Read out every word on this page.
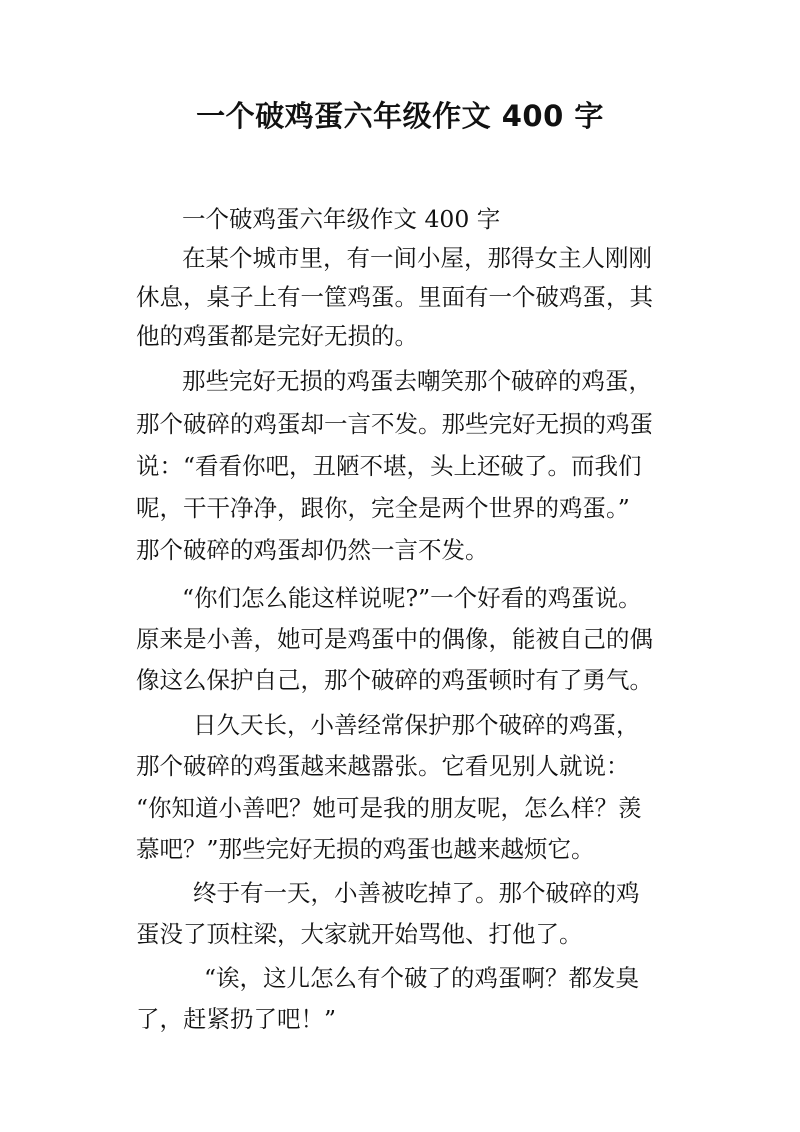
一个破鸡蛋六年级作文 400 字
一个破鸡蛋六年级作文 400 字
在某个城市里，有一间小屋，那得女主人刚刚
休息，桌子上有一筐鸡蛋。里面有一个破鸡蛋，其
他的鸡蛋都是完好无损的。
那些完好无损的鸡蛋去嘲笑那个破碎的鸡蛋，
那个破碎的鸡蛋却一言不发。那些完好无损的鸡蛋
说：“看看你吧，丑陋不堪，头上还破了。而我们
呢，干干净净，跟你，完全是两个世界的鸡蛋。”
那个破碎的鸡蛋却仍然一言不发。
“你们怎么能这样说呢?”一个好看的鸡蛋说。
原来是小善，她可是鸡蛋中的偶像，能被自己的偶
像这么保护自己，那个破碎的鸡蛋顿时有了勇气。
日久天长，小善经常保护那个破碎的鸡蛋，
那个破碎的鸡蛋越来越嚣张。它看见别人就说：
“你知道小善吧？她可是我的朋友呢，怎么样？羡
慕吧？”那些完好无损的鸡蛋也越来越烦它。
终于有一天，小善被吃掉了。那个破碎的鸡
蛋没了顶柱梁，大家就开始骂他、打他了。
“诶，这儿怎么有个破了的鸡蛋啊？都发臭
了，赶紧扔了吧！”
